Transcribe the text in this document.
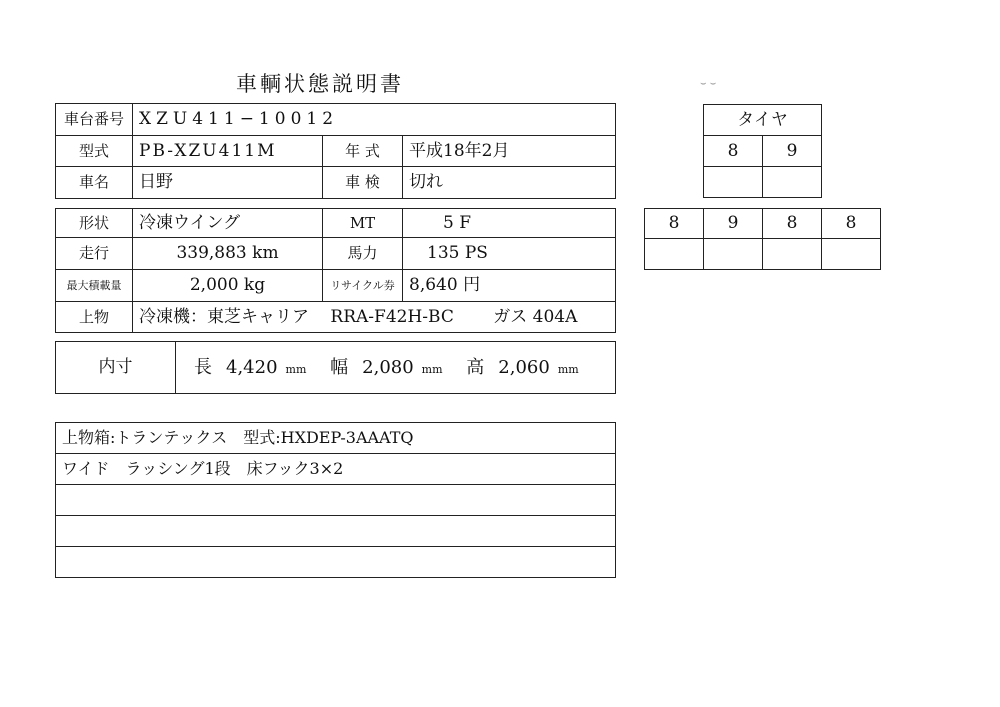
車輌状態説明書	⌣ ⌣
車台番号	XZU411−10012		
型式	PB-XZU411M	年 式	平成18年2月
車名	日野	車 検	切れ
形状	冷凍ウイング	MT	5 F
走行	339,883 km	馬力	135 PS
最大積載量	2,000 kg	リサイクル券	8,640 円
上物	冷凍機：東芝キャリア RRA-F42H-BC ガス 404A		
内寸	長 4,420 mm 幅 2,080 mm 高 2,060 mm
上物箱:トランテックス　型式:HXDEP-3AAATQ
ワイド　ラッシング1段　床フック3×2

タイヤ	
8	9

8	9	8	8
